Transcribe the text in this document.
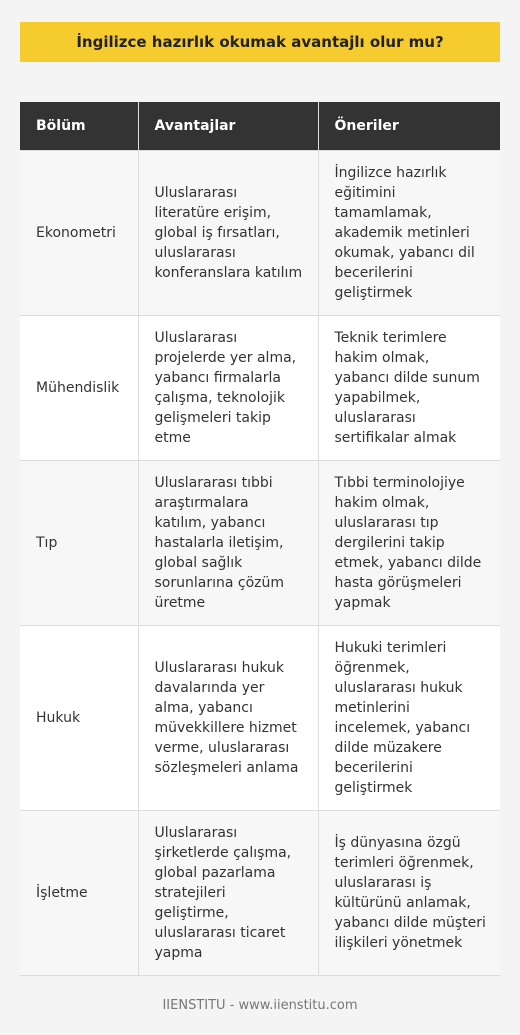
İngilizce hazırlık okumak avantajlı olur mu?
Bölüm	Avantajlar	Öneriler
Ekonometri	Uluslararası literatüre erişim, global iş fırsatları, uluslararası konferanslara katılım	İngilizce hazırlık eğitimini tamamlamak, akademik metinleri okumak, yabancı dil becerilerini geliştirmek
Mühendislik	Uluslararası projelerde yer alma, yabancı firmalarla çalışma, teknolojik gelişmeleri takip etme	Teknik terimlere hakim olmak, yabancı dilde sunum yapabilmek, uluslararası sertifikalar almak
Tıp	Uluslararası tıbbi araştırmalara katılım, yabancı hastalarla iletişim, global sağlık sorunlarına çözüm üretme	Tıbbi terminolojiye hakim olmak, uluslararası tıp dergilerini takip etmek, yabancı dilde hasta görüşmeleri yapmak
Hukuk	Uluslararası hukuk davalarında yer alma, yabancı müvekkillere hizmet verme, uluslararası sözleşmeleri anlama	Hukuki terimleri öğrenmek, uluslararası hukuk metinlerini incelemek, yabancı dilde müzakere becerilerini geliştirmek
İşletme	Uluslararası şirketlerde çalışma, global pazarlama stratejileri geliştirme, uluslararası ticaret yapma	İş dünyasına özgü terimleri öğrenmek, uluslararası iş kültürünü anlamak, yabancı dilde müşteri ilişkileri yönetmek
IIENSTITU - www.iienstitu.com
